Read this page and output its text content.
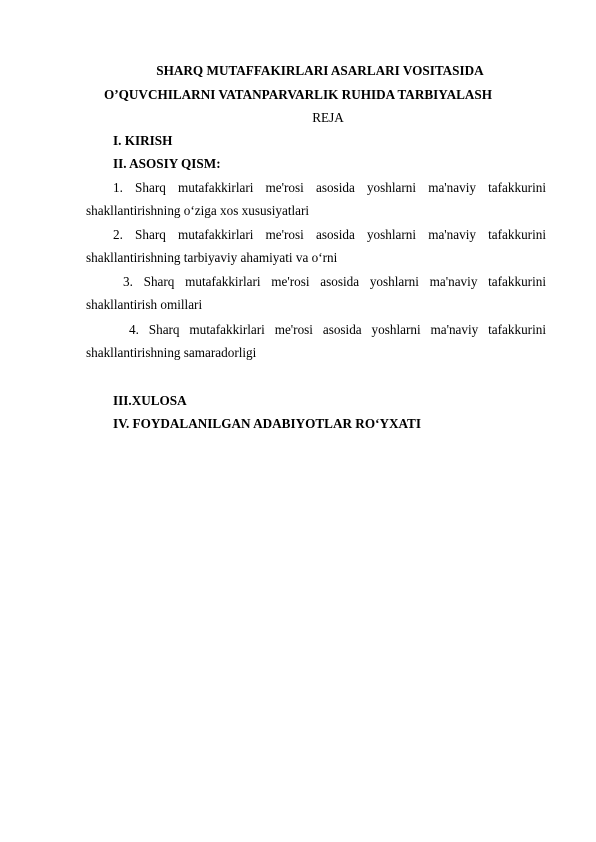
SHARQ MUTAFFAKIRLARI ASARLARI VOSITASIDA
O’QUVCHILARNI VATANPARVARLIK RUHIDA TARBIYALASH
REJA
I. KIRISH
II. ASOSIY QISM:
1. Sharq mutafakkirlari me'rosi asosida yoshlarni ma'naviy tafakkurini
shakllantirishning o‘ziga xos xususiyatlari
2. Sharq mutafakkirlari me'rosi asosida yoshlarni ma'naviy tafakkurini
shakllantirishning tarbiyaviy ahamiyati va o‘rni
3. Sharq mutafakkirlari me'rosi asosida yoshlarni ma'naviy tafakkurini
shakllantirish omillari
4. Sharq mutafakkirlari me'rosi asosida yoshlarni ma'naviy tafakkurini
shakllantirishning samaradorligi
III.XULOSA
IV. FOYDALANILGAN ADABIYOTLAR RO‘YXATI
